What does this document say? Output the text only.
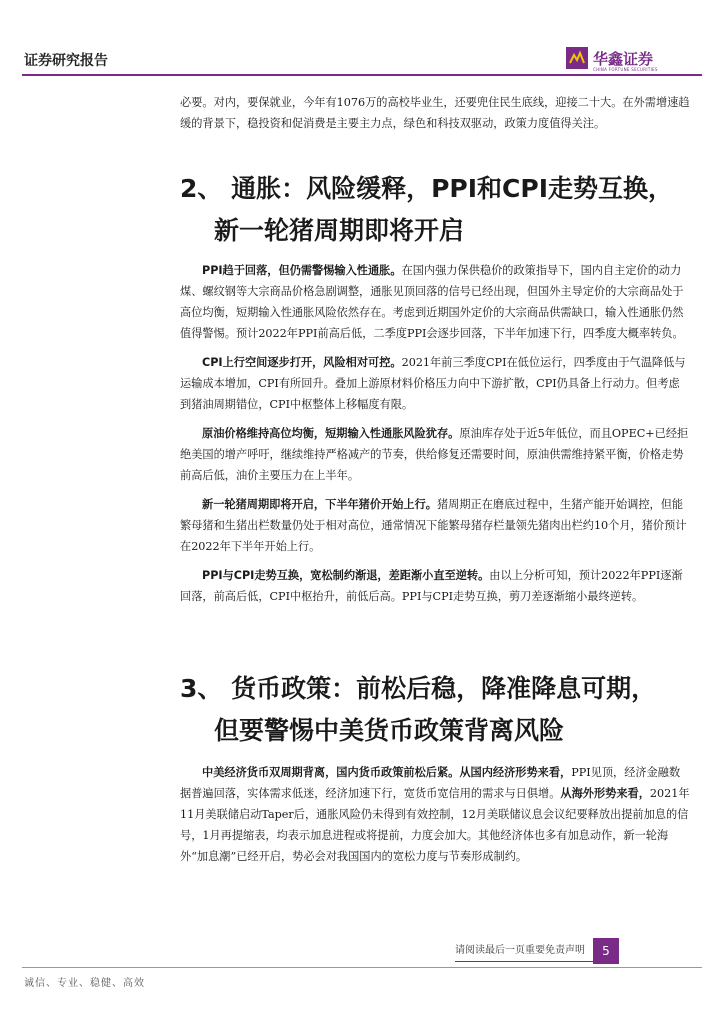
证券研究报告	华鑫证券
CHINA FORTUNE SECURITIES

必要。对内，要保就业，今年有1076万的高校毕业生，还要兜住民生底线，迎接二十大。在外需增速趋缓的背景下，稳投资和促消费是主要主力点，绿色和科技双驱动，政策力度值得关注。

2、 通胀：风险缓释，PPI和CPI走势互换，
新一轮猪周期即将开启

PPI趋于回落，但仍需警惕输入性通胀。在国内强力保供稳价的政策指导下，国内自主定价的动力煤、螺纹钢等大宗商品价格急剧调整，通胀见顶回落的信号已经出现，但国外主导定价的大宗商品处于高位均衡，短期输入性通胀风险依然存在。考虑到近期国外定价的大宗商品供需缺口，输入性通胀仍然值得警惕。预计2022年PPI前高后低，二季度PPI会逐步回落，下半年加速下行，四季度大概率转负。

CPI上行空间逐步打开，风险相对可控。2021年前三季度CPI在低位运行，四季度由于气温降低与运输成本增加，CPI有所回升。叠加上游原材料价格压力向中下游扩散，CPI仍具备上行动力。但考虑到猪油周期错位，CPI中枢整体上移幅度有限。

原油价格维持高位均衡，短期输入性通胀风险犹存。原油库存处于近5年低位，而且OPEC+已经拒绝美国的增产呼吁，继续维持严格减产的节奏，供给修复还需要时间，原油供需维持紧平衡，价格走势前高后低，油价主要压力在上半年。

新一轮猪周期即将开启，下半年猪价开始上行。猪周期正在磨底过程中，生猪产能开始调控，但能繁母猪和生猪出栏数量仍处于相对高位，通常情况下能繁母猪存栏量领先猪肉出栏约10个月，猪价预计在2022年下半年开始上行。

PPI与CPI走势互换，宽松制约渐退，差距渐小直至逆转。由以上分析可知，预计2022年PPI逐渐回落，前高后低，CPI中枢抬升，前低后高。PPI与CPI走势互换，剪刀差逐渐缩小最终逆转。

3、 货币政策：前松后稳，降准降息可期，
但要警惕中美货币政策背离风险

中美经济货币双周期背离，国内货币政策前松后紧。从国内经济形势来看，PPI见顶，经济金融数据普遍回落，实体需求低迷，经济加速下行，宽货币宽信用的需求与日俱增。从海外形势来看，2021年11月美联储启动Taper后，通胀风险仍未得到有效控制，12月美联储议息会议纪要释放出提前加息的信号，1月再提缩表，均表示加息进程或将提前，力度会加大。其他经济体也多有加息动作，新一轮海外“加息潮”已经开启，势必会对我国国内的宽松力度与节奏形成制约。

请阅读最后一页重要免责声明	5
诚信、专业、稳健、高效
